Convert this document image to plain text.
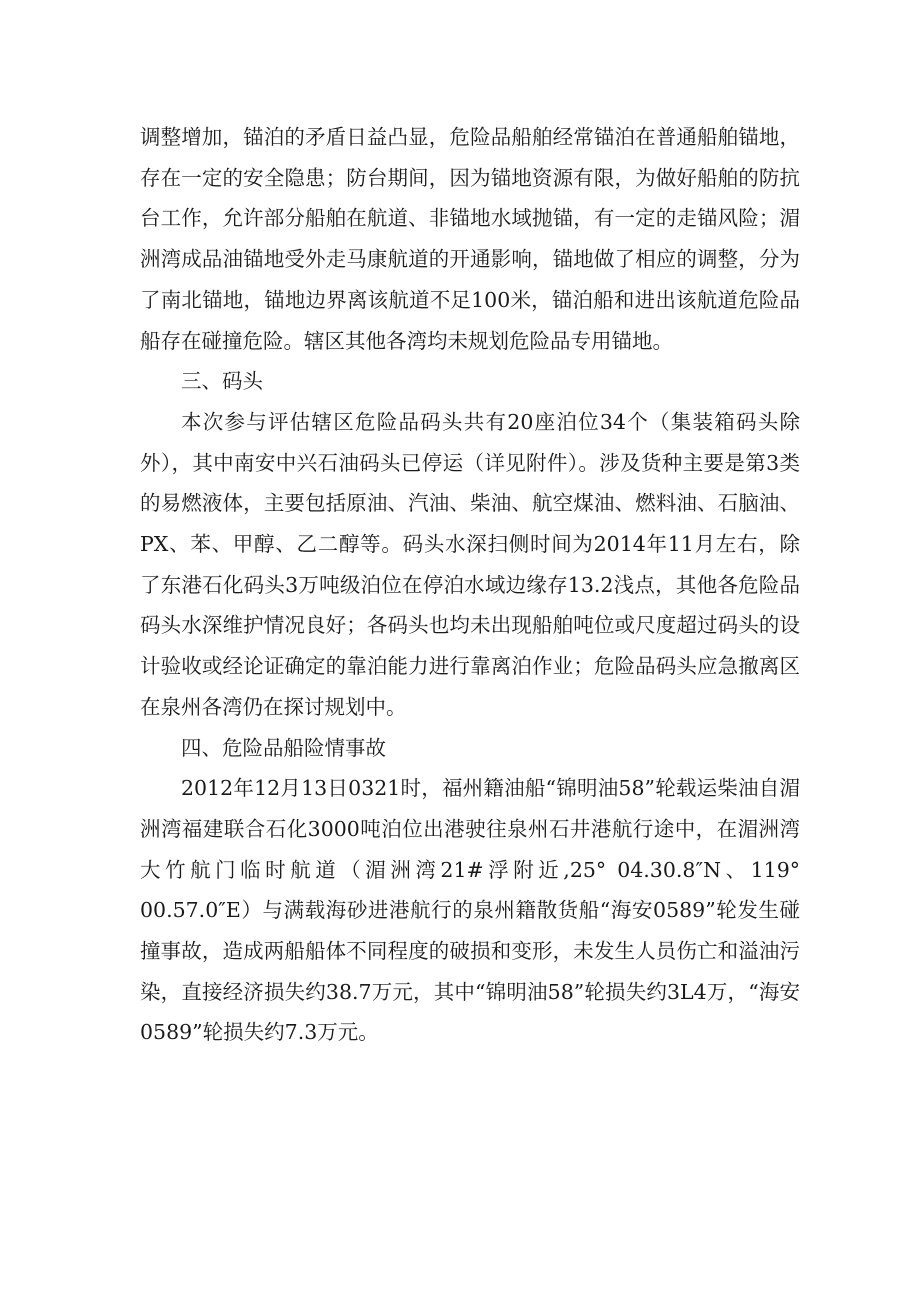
调整增加，锚泊的矛盾日益凸显，危险品船舶经常锚泊在普通船舶锚地，存在一定的安全隐患；防台期间，因为锚地资源有限，为做好船舶的防抗台工作，允许部分船舶在航道、非锚地水域抛锚，有一定的走锚风险；湄洲湾成品油锚地受外走马康航道的开通影响，锚地做了相应的调整，分为了南北锚地，锚地边界离该航道不足100米，锚泊船和进出该航道危险品船存在碰撞危险。辖区其他各湾均未规划危险品专用锚地。

三、码头

本次参与评估辖区危险品码头共有20座泊位34个（集装箱码头除外），其中南安中兴石油码头已停运（详见附件）。涉及货种主要是第3类的易燃液体，主要包括原油、汽油、柴油、航空煤油、燃料油、石脑油、PX、苯、甲醇、乙二醇等。码头水深扫侧时间为2014年11月左右，除了东港石化码头3万吨级泊位在停泊水域边缘存13.2浅点，其他各危险品码头水深维护情况良好；各码头也均未出现船舶吨位或尺度超过码头的设计验收或经论证确定的靠泊能力进行靠离泊作业；危险品码头应急撤离区在泉州各湾仍在探讨规划中。

四、危险品船险情事故

2012年12月13日0321时，福州籍油船“锦明油58”轮载运柴油自湄洲湾福建联合石化3000吨泊位出港驶往泉州石井港航行途中，在湄洲湾大竹航门临时航道（湄洲湾21#浮附近,25° 04.30.8″N、119° 00.57.0″E）与满载海砂进港航行的泉州籍散货船“海安0589”轮发生碰撞事故，造成两船船体不同程度的破损和变形，未发生人员伤亡和溢油污染，直接经济损失约38.7万元，其中“锦明油58”轮损失约3L4万，“海安0589”轮损失约7.3万元。
